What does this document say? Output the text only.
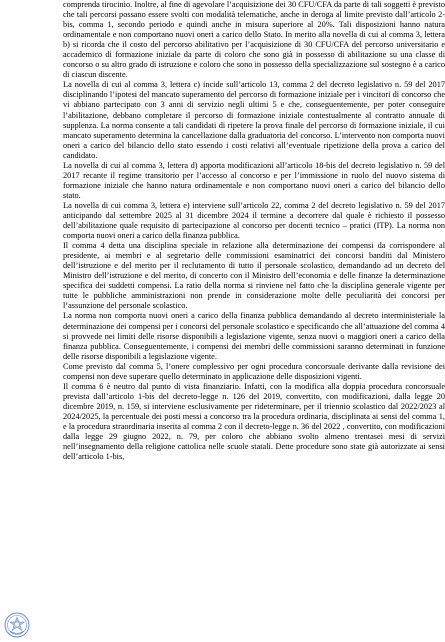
comprenda tirocinio. Inoltre, al fine di agevolare l’acquisizione dei 30 CFU/CFA da parte di tali soggetti è previsto che tali percorsi possano essere svolti con modalità telematiche, anche in deroga al limite previsto dall’articolo 2-bis, comma 1, secondo periodo e quindi anche in misura superiore al 20%. Tali disposizioni hanno natura ordinamentale e non comportano nuovi oneri a carico dello Stato. In merito alla novella di cui al comma 3, lettera b) si ricorda che il costo del percorso abilitativo per l’acquisizione di 30 CFU/CFA del percorso universitario e accademico di formazione iniziale da parte di coloro che sono già in possesso di abilitazione su una classe di concorso o su altro grado di istruzione e coloro che sono in possesso della specializzazione sul sostegno è a carico di ciascun discente.

La novella di cui al comma 3, lettera c) incide sull’articolo 13, comma 2 del decreto legislativo n. 59 del 2017 disciplinando l’ipotesi del mancato superamento del percorso di formazione iniziale per i vincitori di concorso che vi abbiano partecipato con 3 anni di servizio negli ultimi 5 e che, conseguentemente, per poter conseguire l’abilitazione, debbano completare il percorso di formazione iniziale contestualmente al contratto annuale di supplenza. La norma consente a tali candidati di ripetere la prova finale del percorso di formazione iniziale, il cui mancato superamento determina la cancellazione dalla graduatoria del concorso. L’intervento non comporta nuovi oneri a carico del bilancio dello stato essendo i costi relativi all’eventuale ripetizione della prova a carico del candidato.

La novella di cui al comma 3, lettera d) apporta modificazioni all’articolo 18-bis del decreto legislativo n. 59 del 2017 recante il regime transitorio per l’accesso al concorso e per l’immissione in ruolo del nuovo sistema di formazione iniziale che hanno natura ordinamentale e non comportano nuovi oneri a carico del bilancio dello stato.

La novella di cui comma 3, lettera e) interviene sull’articolo 22, comma 2 del decreto legislativo n. 59 del 2017 anticipando dal settembre 2025 al 31 dicembre 2024 il termine a decorrere dal quale è richiesto il possesso dell’abilitazione quale requisito di partecipazione al concorso per docenti tecnico – pratici (ITP). La norma non comporta nuovi oneri a carico della finanza pubblica.

Il comma 4 detta una disciplina speciale in relazione alla determinazione dei compensi da corrispondere al presidente, ai membri e al segretario delle commissioni esaminatrici dei concorsi banditi dal Ministero dell’istruzione e del merito per il reclutamento di tutto il personale scolastico, demandando ad un decreto del Ministro dell’istruzione e del merito, di concerto con il Ministro dell’economia e delle finanze la determinazione specifica dei suddetti compensi. La ratio della norma si rinviene nel fatto che la disciplina generale vigente per tutte le pubbliche amministrazioni non prende in considerazione molte delle peculiarità dei concorsi per l’assunzione del personale scolastico.

La norma non comporta nuovi oneri a carico della finanza pubblica demandando al decreto interministeriale la determinazione dei compensi per i concorsi del personale scolastico e specificando che all’attuazione del comma 4 si provvede nei limiti delle risorse disponibili a legislazione vigente, senza nuovi o maggiori oneri a carico della finanza pubblica. Conseguentemente, i compensi dei membri delle commissioni saranno determinati in funzione delle risorse disponibili a legislazione vigente.

Come previsto dal comma 5, l’onere complessivo per ogni procedura concorsuale derivante dalla revisione dei compensi non deve superare quello determinato in applicazione delle disposizioni vigenti.

Il comma 6 è neutro dal punto di vista finanziario. Infatti, con la modifica alla doppia procedura concorsuale prevista dall’articolo 1-bis del decreto-legge n. 126 del 2019, convertito, con modificazioni, dalla legge 20 dicembre 2019, n. 159, si interviene esclusivamente per rideterminare, per il triennio scolastico dal 2022/2023 al 2024/2025, la percentuale dei posti messi a concorso tra la procedura ordinaria, disciplinata ai sensi del comma 1, e la procedura straordinaria inserita al comma 2 con il decreto-legge n. 36 del 2022 , convertito, con modificazioni dalla legge 29 giugno 2022, n. 79, per coloro che abbiano svolto almeno trentasei mesi di servizi nell’insegnamento della religione cattolica nelle scuole statali. Dette procedure sono state già autorizzate ai sensi dell’articolo 1-bis,
